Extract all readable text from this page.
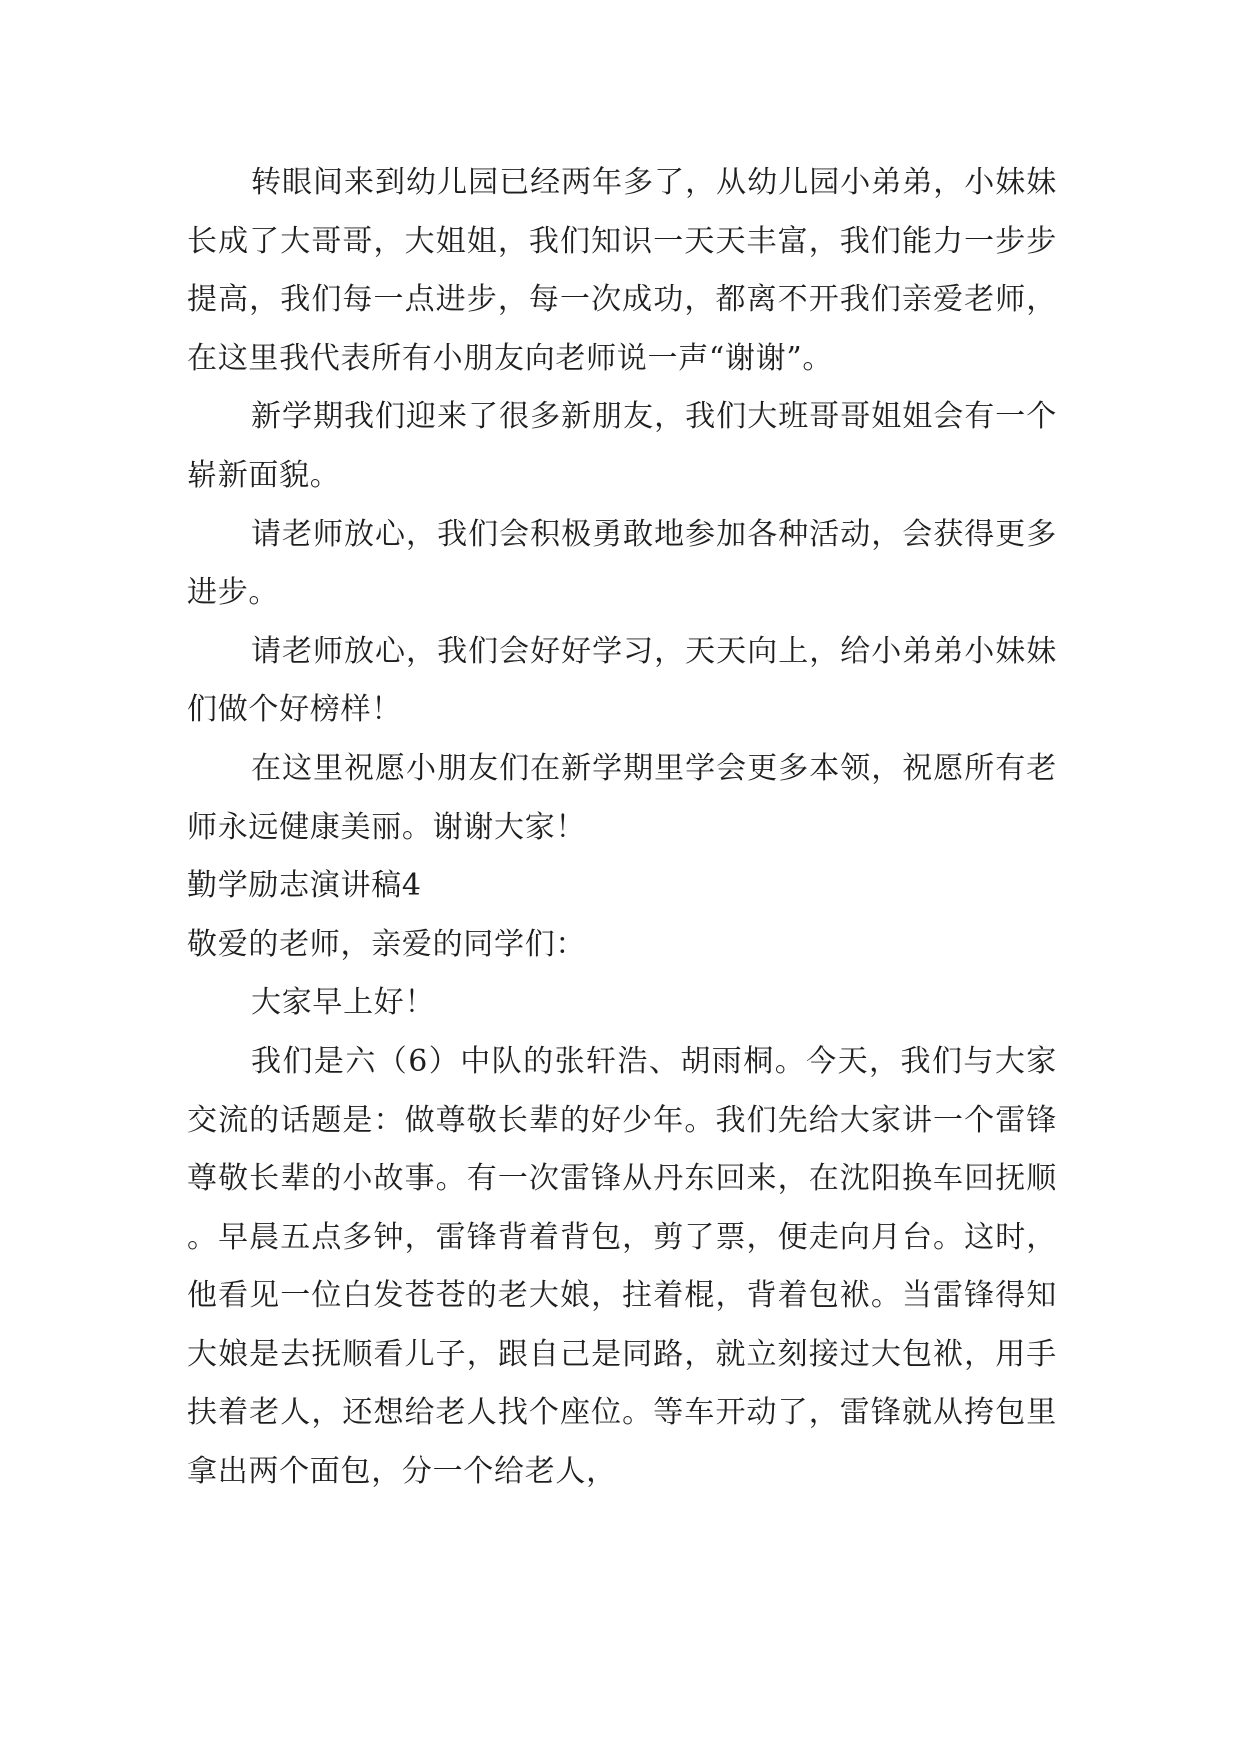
转眼间来到幼儿园已经两年多了，从幼儿园小弟弟，小妹妹长成了大哥哥，大姐姐，我们知识一天天丰富，我们能力一步步提高，我们每一点进步，每一次成功，都离不开我们亲爱老师，在这里我代表所有小朋友向老师说一声“谢谢”。

新学期我们迎来了很多新朋友，我们大班哥哥姐姐会有一个崭新面貌。

请老师放心，我们会积极勇敢地参加各种活动，会获得更多进步。

请老师放心，我们会好好学习，天天向上，给小弟弟小妹妹们做个好榜样！

在这里祝愿小朋友们在新学期里学会更多本领，祝愿所有老师永远健康美丽。谢谢大家！

勤学励志演讲稿4

敬爱的老师，亲爱的同学们：

大家早上好！

我们是六（6）中队的张轩浩、胡雨桐。今天，我们与大家交流的话题是：做尊敬长辈的好少年。我们先给大家讲一个雷锋尊敬长辈的小故事。有一次雷锋从丹东回来，在沈阳换车回抚顺。早晨五点多钟，雷锋背着背包，剪了票，便走向月台。这时，他看见一位白发苍苍的老大娘，拄着棍，背着包袱。当雷锋得知大娘是去抚顺看儿子，跟自己是同路，就立刻接过大包袱，用手扶着老人，还想给老人找个座位。等车开动了，雷锋就从挎包里拿出两个面包，分一个给老人，
